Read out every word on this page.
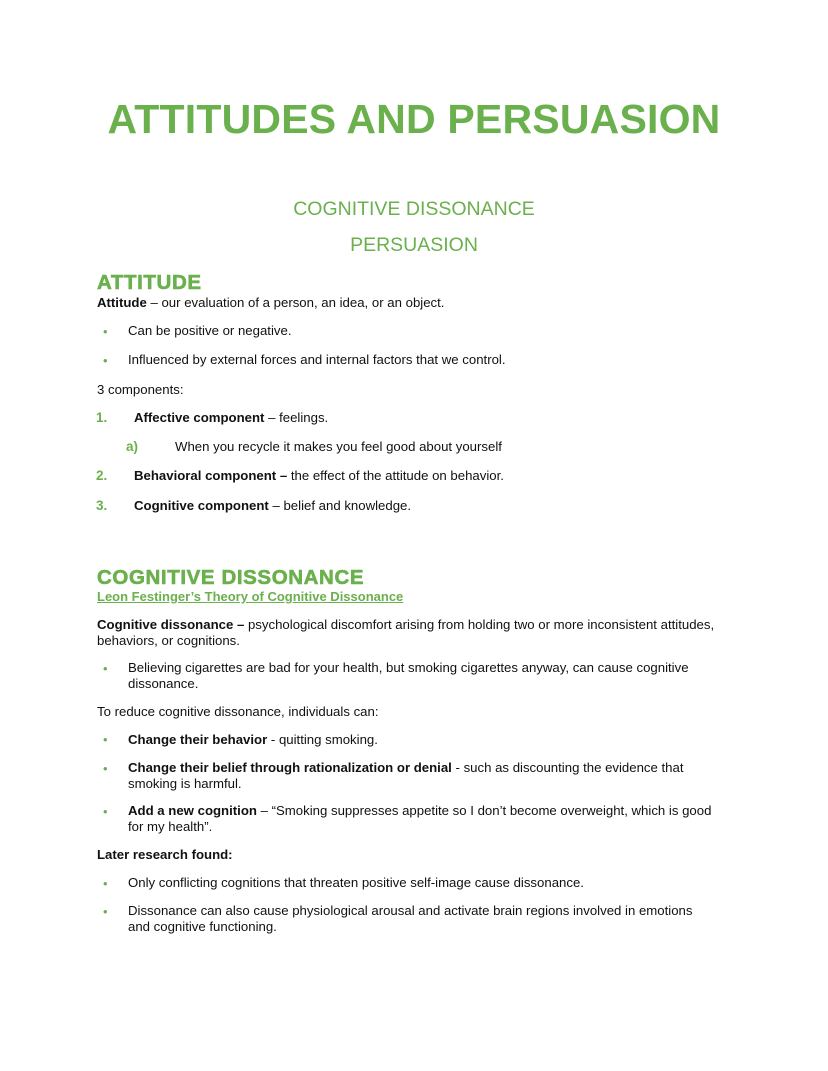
ATTITUDES AND PERSUASION
COGNITIVE DISSONANCE
PERSUASION
ATTITUDE
Attitude – our evaluation of a person, an idea, or an object.
• Can be positive or negative.
• Influenced by external forces and internal factors that we control.
3 components:
1. Affective component – feelings.
a)	When you recycle it makes you feel good about yourself
2. Behavioral component – the effect of the attitude on behavior.
3. Cognitive component – belief and knowledge.
COGNITIVE DISSONANCE
Leon Festinger’s Theory of Cognitive Dissonance
Cognitive dissonance – psychological discomfort arising from holding two or more inconsistent attitudes,
behaviors, or cognitions.
• Believing cigarettes are bad for your health, but smoking cigarettes anyway, can cause cognitive
dissonance.
To reduce cognitive dissonance, individuals can:
• Change their behavior - quitting smoking.
• Change their belief through rationalization or denial - such as discounting the evidence that
smoking is harmful.
• Add a new cognition – “Smoking suppresses appetite so I don’t become overweight, which is good
for my health”.
Later research found:
• Only conflicting cognitions that threaten positive self-image cause dissonance.
• Dissonance can also cause physiological arousal and activate brain regions involved in emotions
and cognitive functioning.
